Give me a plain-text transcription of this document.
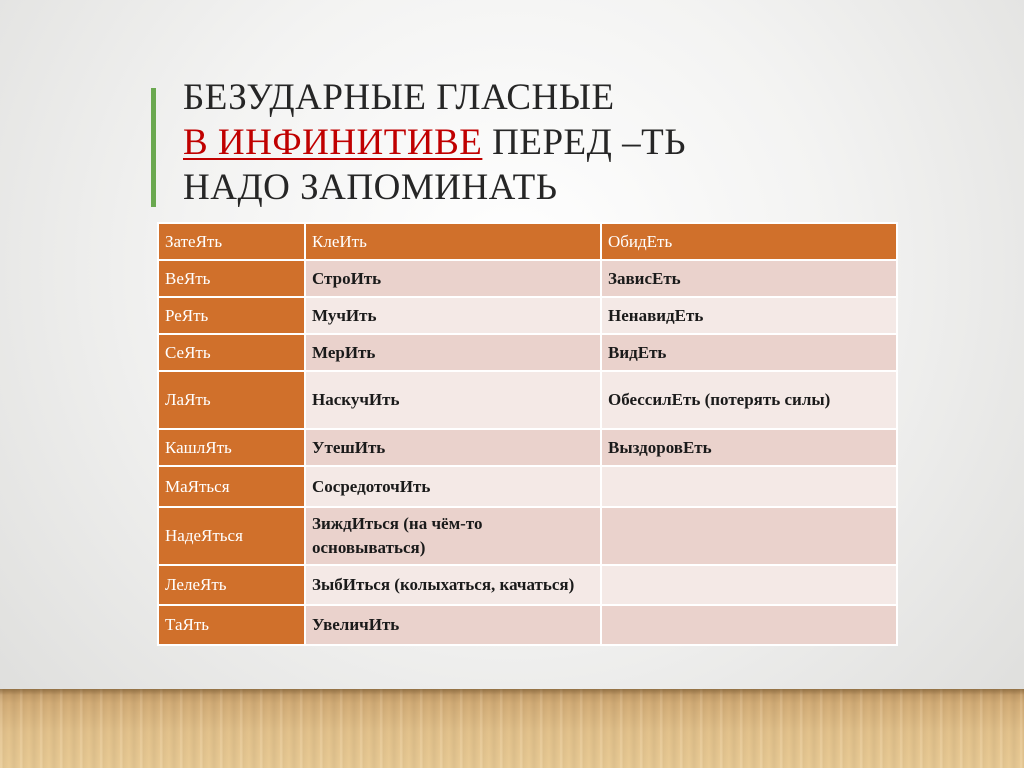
БЕЗУДАРНЫЕ ГЛАСНЫЕ
В ИНФИНИТИВЕ ПЕРЕД –ТЬ
НАДО ЗАПОМИНАТЬ
ЗатеЯть	КлеИть	ОбидЕть
ВеЯть	СтроИть	ЗависЕть
РеЯть	МучИть	НенавидЕть
СеЯть	МерИть	ВидЕть
ЛаЯть	НаскучИть	ОбессилЕть (потерять силы)
КашлЯть	УтешИть	ВыздоровЕть
МаЯться	СосредоточИть	
НадеЯться	ЗиждИться (на чём-то основываться)	
ЛелеЯть	ЗыбИться (колыхаться, качаться)	
ТаЯть	УвеличИть	
